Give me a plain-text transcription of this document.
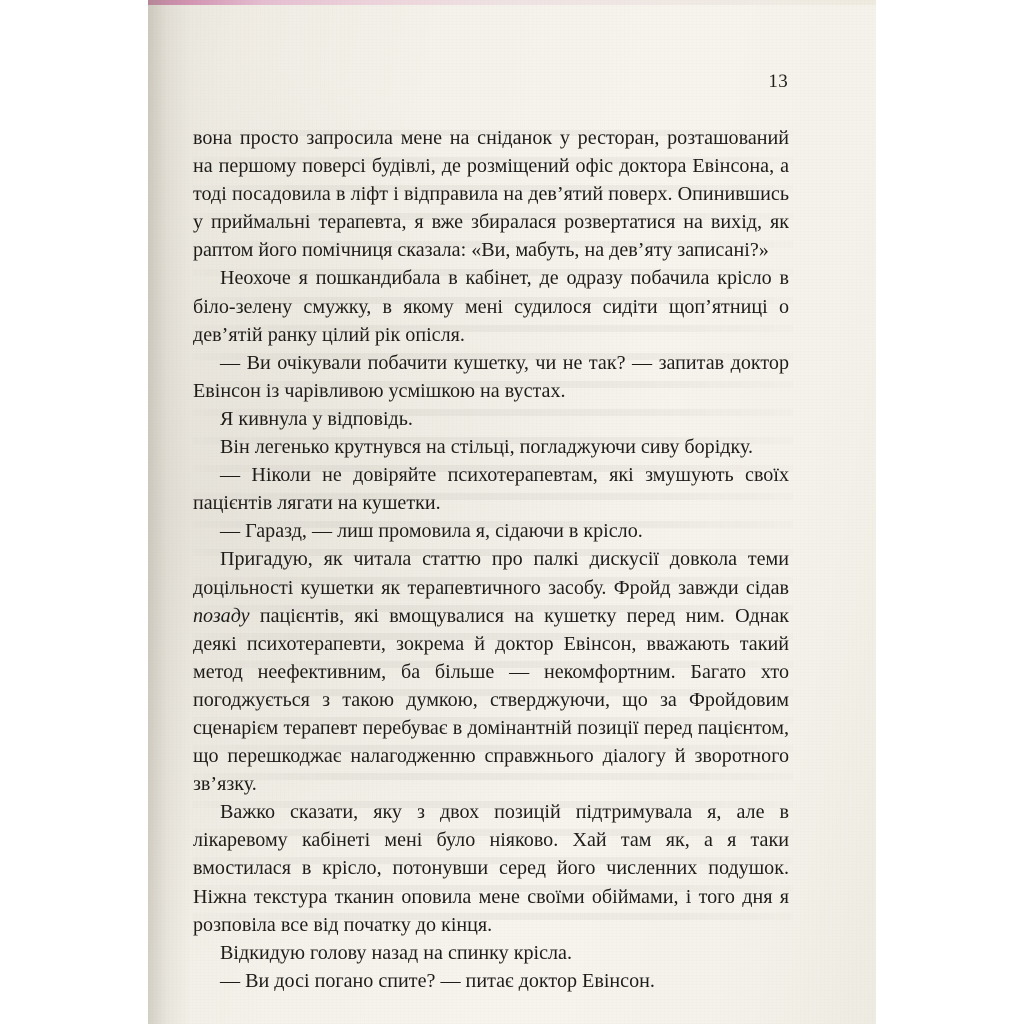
13

вона просто запросила мене на сніданок у ресторан, розташований на першому поверсі будівлі, де розміщений офіс доктора Евінсона, а тоді посадовила в ліфт і відправила на дев’ятий поверх. Опинившись у приймальні терапевта, я вже збиралася розвертатися на вихід, як раптом його помічниця сказала: «Ви, мабуть, на дев’яту записані?»

Неохоче я пошкандибала в кабінет, де одразу побачила крісло в біло-зелену смужку, в якому мені судилося сидіти щоп’ятниці о дев’ятій ранку цілий рік опісля.

— Ви очікували побачити кушетку, чи не так? — запитав доктор Евінсон із чарівливою усмішкою на вустах.

Я кивнула у відповідь.

Він легенько крутнувся на стільці, погладжуючи сиву борідку.

— Ніколи не довіряйте психотерапевтам, які змушують своїх пацієнтів лягати на кушетки.

— Гаразд, — лиш промовила я, сідаючи в крісло.

Пригадую, як читала статтю про палкі дискусії довкола теми доцільності кушетки як терапевтичного засобу. Фройд завжди сідав позаду пацієнтів, які вмощувалися на кушетку перед ним. Однак деякі психотерапевти, зокрема й доктор Евінсон, вважають такий метод неефективним, ба більше — некомфортним. Багато хто погоджується з такою думкою, стверджуючи, що за Фройдовим сценарієм терапевт перебуває в домінантній позиції перед пацієнтом, що перешкоджає налагодженню справжнього діалогу й зворотного зв’язку.

Важко сказати, яку з двох позицій підтримувала я, але в лікаревому кабінеті мені було ніяково. Хай там як, а я таки вмостилася в крісло, потонувши серед його численних подушок. Ніжна текстура тканин оповила мене своїми обіймами, і того дня я розповіла все від початку до кінця.

Відкидую голову назад на спинку крісла.

— Ви досі погано спите? — питає доктор Евінсон.
